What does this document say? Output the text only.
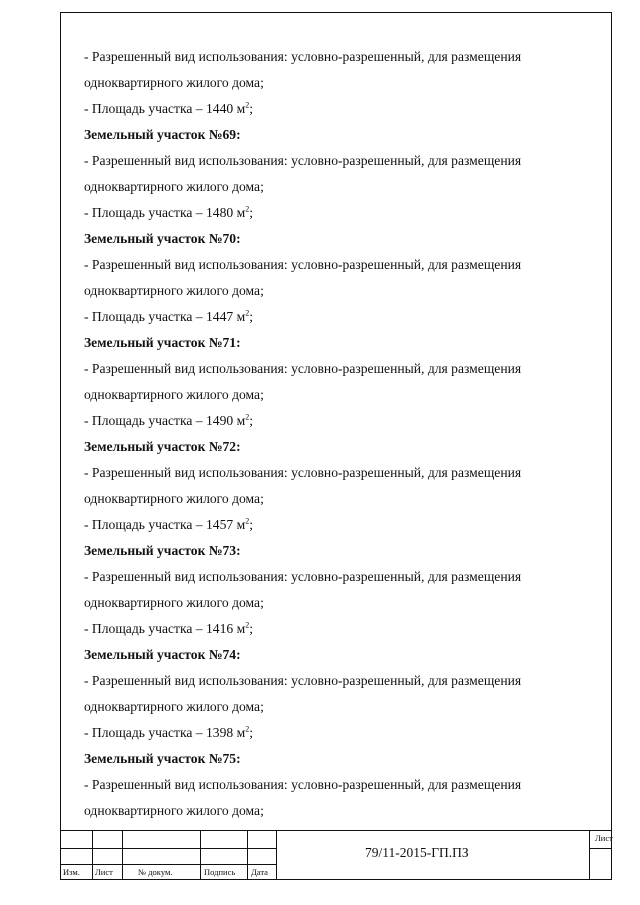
- Разрешенный вид использования: условно-разрешенный, для размещения
одноквартирного жилого дома;
- Площадь участка – 1440 $м^2$;
Земельный участок №69:
- Разрешенный вид использования: условно-разрешенный, для размещения
одноквартирного жилого дома;
- Площадь участка – 1480 $м^2$;
Земельный участок №70:
- Разрешенный вид использования: условно-разрешенный, для размещения
одноквартирного жилого дома;
- Площадь участка – 1447 $м^2$;
Земельный участок №71:
- Разрешенный вид использования: условно-разрешенный, для размещения
одноквартирного жилого дома;
- Площадь участка – 1490 $м^2$;
Земельный участок №72:
- Разрешенный вид использования: условно-разрешенный, для размещения
одноквартирного жилого дома;
- Площадь участка – 1457 $м^2$;
Земельный участок №73:
- Разрешенный вид использования: условно-разрешенный, для размещения
одноквартирного жилого дома;
- Площадь участка – 1416 $м^2$;
Земельный участок №74:
- Разрешенный вид использования: условно-разрешенный, для размещения
одноквартирного жилого дома;
- Площадь участка – 1398 $м^2$;
Земельный участок №75:
- Разрешенный вид использования: условно-разрешенный, для размещения
одноквартирного жилого дома;
Изм. Лист	№ докум.	Подпись Дата
79/11-2015-ГП.ПЗ
Лист
